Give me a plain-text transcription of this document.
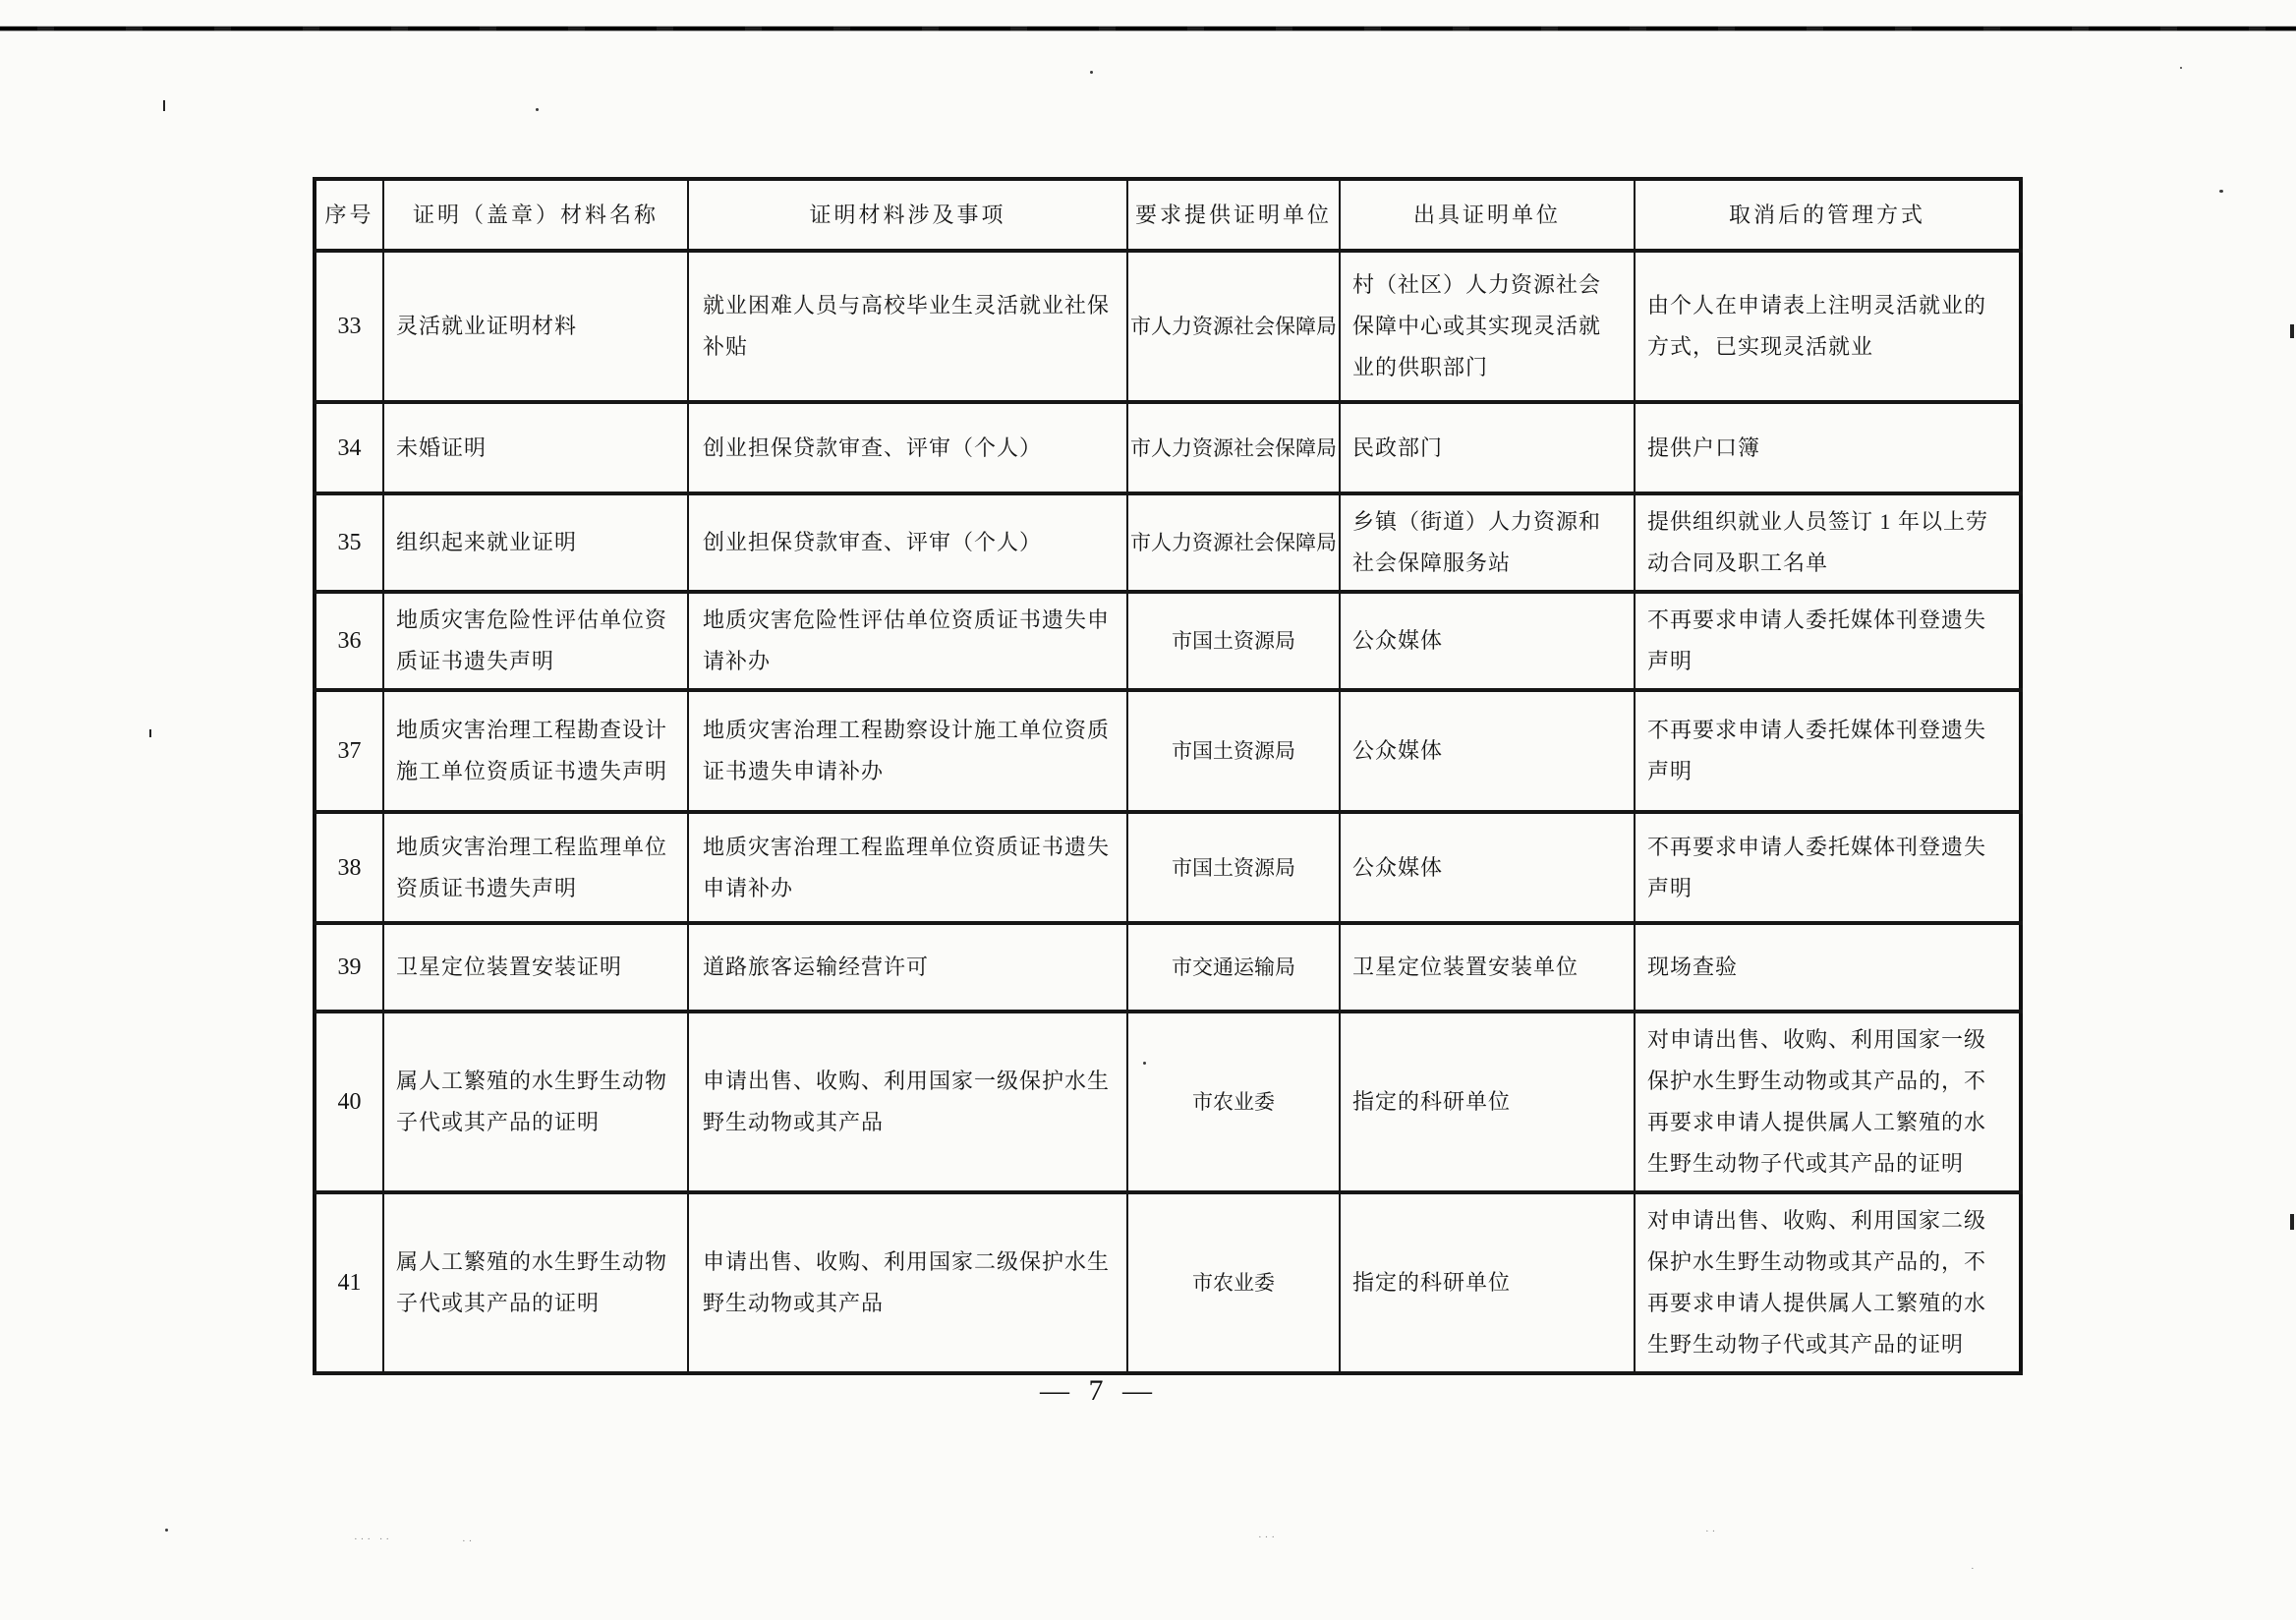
··· ··	··	···	··
·
序号	证明（盖章）材料名称	证明材料涉及事项	要求提供证明单位	出具证明单位	取消后的管理方式
33	灵活就业证明材料	就业困难人员与高校毕业生灵活就业社保补贴	市人力资源社会保障局	村（社区）人力资源社会保障中心或其实现灵活就业的供职部门	由个人在申请表上注明灵活就业的方式，已实现灵活就业
34	未婚证明	创业担保贷款审查、评审（个人）	市人力资源社会保障局	民政部门	提供户口簿
35	组织起来就业证明	创业担保贷款审查、评审（个人）	市人力资源社会保障局	乡镇（街道）人力资源和社会保障服务站	提供组织就业人员签订 1 年以上劳动合同及职工名单
36	地质灾害危险性评估单位资质证书遗失声明	地质灾害危险性评估单位资质证书遗失申请补办	市国土资源局	公众媒体	不再要求申请人委托媒体刊登遗失声明
37	地质灾害治理工程勘查设计施工单位资质证书遗失声明	地质灾害治理工程勘察设计施工单位资质证书遗失申请补办	市国土资源局	公众媒体	不再要求申请人委托媒体刊登遗失声明
38	地质灾害治理工程监理单位资质证书遗失声明	地质灾害治理工程监理单位资质证书遗失申请补办	市国土资源局	公众媒体	不再要求申请人委托媒体刊登遗失声明
39	卫星定位装置安装证明	道路旅客运输经营许可	市交通运输局	卫星定位装置安装单位	现场查验
40	属人工繁殖的水生野生动物子代或其产品的证明	申请出售、收购、利用国家一级保护水生野生动物或其产品	市农业委	指定的科研单位	对申请出售、收购、利用国家一级保护水生野生动物或其产品的，不再要求申请人提供属人工繁殖的水生野生动物子代或其产品的证明
41	属人工繁殖的水生野生动物子代或其产品的证明	申请出售、收购、利用国家二级保护水生野生动物或其产品	市农业委	指定的科研单位	对申请出售、收购、利用国家二级保护水生野生动物或其产品的，不再要求申请人提供属人工繁殖的水生野生动物子代或其产品的证明
— 7 —
